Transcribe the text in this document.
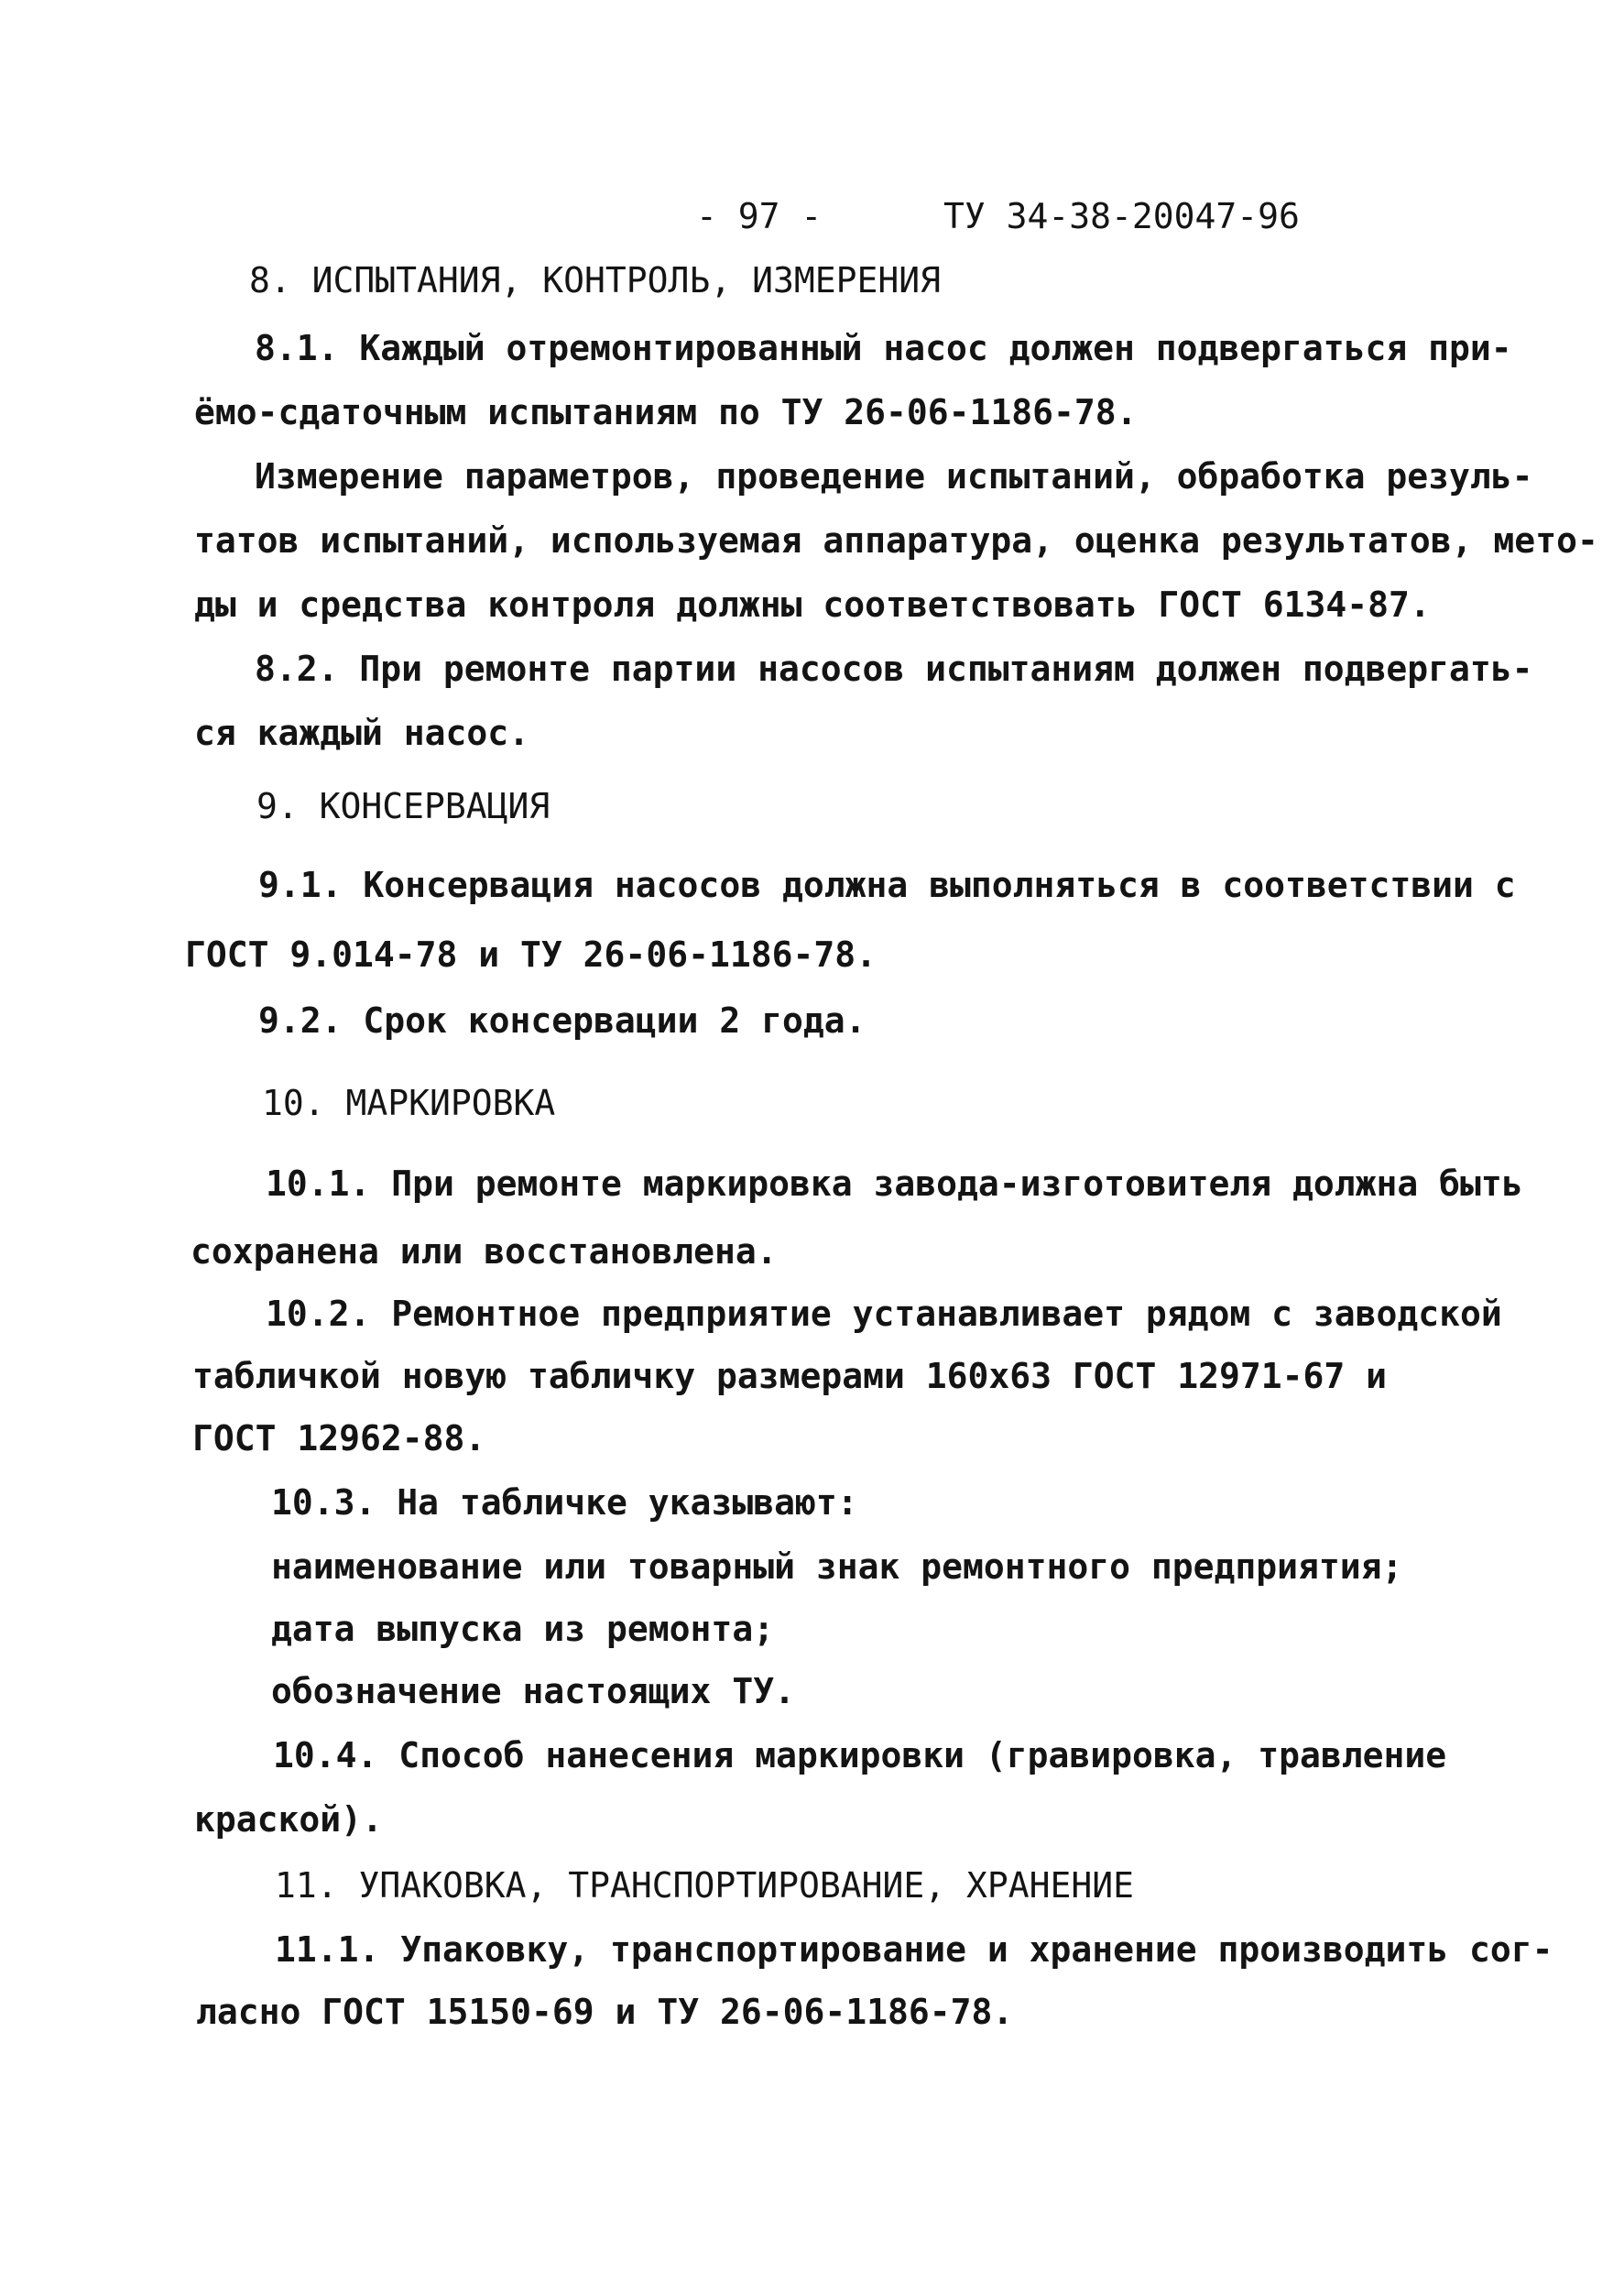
- 97 -	ТУ 34-38-20047-96
8. ИСПЫТАНИЯ, КОНТРОЛЬ, ИЗМЕРЕНИЯ
8.1. Каждый отремонтированный насос должен подвергаться при-
ёмо-сдаточным испытаниям по ТУ 26-06-1186-78.
Измерение параметров, проведение испытаний, обработка резуль-
татов испытаний, используемая аппаратура, оценка результатов, мето-
ды и средства контроля должны соответствовать ГОСТ 6134-87.
8.2. При ремонте партии насосов испытаниям должен подвергать-
ся каждый насос.
9. КОНСЕРВАЦИЯ
9.1. Консервация насосов должна выполняться в соответствии с
ГОСТ 9.014-78 и ТУ 26-06-1186-78.
9.2. Срок консервации 2 года.
10. МАРКИРОВКА
10.1. При ремонте маркировка завода-изготовителя должна быть
сохранена или восстановлена.
10.2. Ремонтное предприятие устанавливает рядом с заводской
табличкой новую табличку размерами 160х63 ГОСТ 12971-67 и
ГОСТ 12962-88.
10.3. На табличке указывают:
наименование или товарный знак ремонтного предприятия;
дата выпуска из ремонта;
обозначение настоящих ТУ.
10.4. Способ нанесения маркировки (гравировка, травление
краской).
11. УПАКОВКА, ТРАНСПОРТИРОВАНИЕ, ХРАНЕНИЕ
11.1. Упаковку, транспортирование и хранение производить сог-
ласно ГОСТ 15150-69 и ТУ 26-06-1186-78.
